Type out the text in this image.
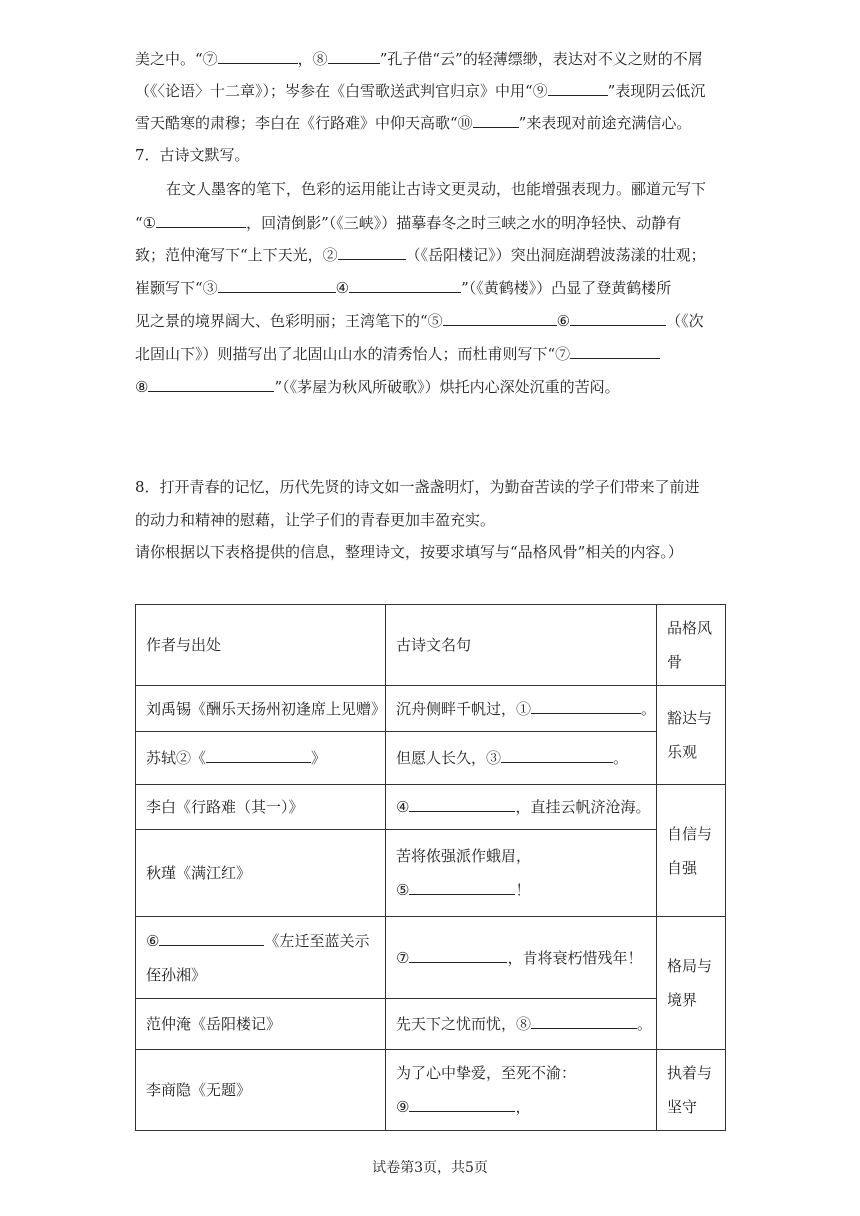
美之中。“⑦	，⑧	”孔子借“云”的轻薄缥缈，表达对不义之财的不屑
（《〈论语〉十二章》）；岑参在《白雪歌送武判官归京》中用“⑨	”表现阴云低沉
雪天酷寒的肃穆；李白在《行路难》中仰天高歌“⑩	”来表现对前途充满信心。
7．古诗文默写。
在文人墨客的笔下，色彩的运用能让古诗文更灵动，也能增强表现力。郦道元写下
“①	，回清倒影”（《三峡》）描摹春冬之时三峡之水的明净轻快、动静有
致；范仲淹写下“上下天光，②	（《岳阳楼记》）突出洞庭湖碧波荡漾的壮观；
崔颢写下“③	④	”（《黄鹤楼》）凸显了登黄鹤楼所
见之景的境界阔大、色彩明丽；王湾笔下的“⑤	⑥	（《次
北固山下》）则描写出了北固山山水的清秀怡人；而杜甫则写下“⑦
⑧	”（《茅屋为秋风所破歌》）烘托内心深处沉重的苦闷。
8．打开青春的记忆，历代先贤的诗文如一盏盏明灯，为勤奋苦读的学子们带来了前进
的动力和精神的慰藉，让学子们的青春更加丰盈充实。
请你根据以下表格提供的信息，整理诗文，按要求填写与“品格风骨”相关的内容。）
作者与出处	古诗文名句	品格风骨
刘禹锡《酬乐天扬州初逢席上见赠》	沉舟侧畔千帆过，① 。	豁达与乐观
苏轼②《 》	但愿人长久，③ 。	
李白《行路难（其一）》	④ ，直挂云帆济沧海。	自信与自强
秋瑾《满江红》	苦将侬强派作蛾眉，
⑤ ！	

⑥ 《左迁至蓝关示侄孙湘》	⑦ ，肯将衰朽惜残年！	格局与境界
范仲淹《岳阳楼记》	先天下之忧而忧，⑧ 。	
李商隐《无题》	为了心中挚爱，至死不渝：
⑨ ，	执着与坚守
试卷第3页，共5页
